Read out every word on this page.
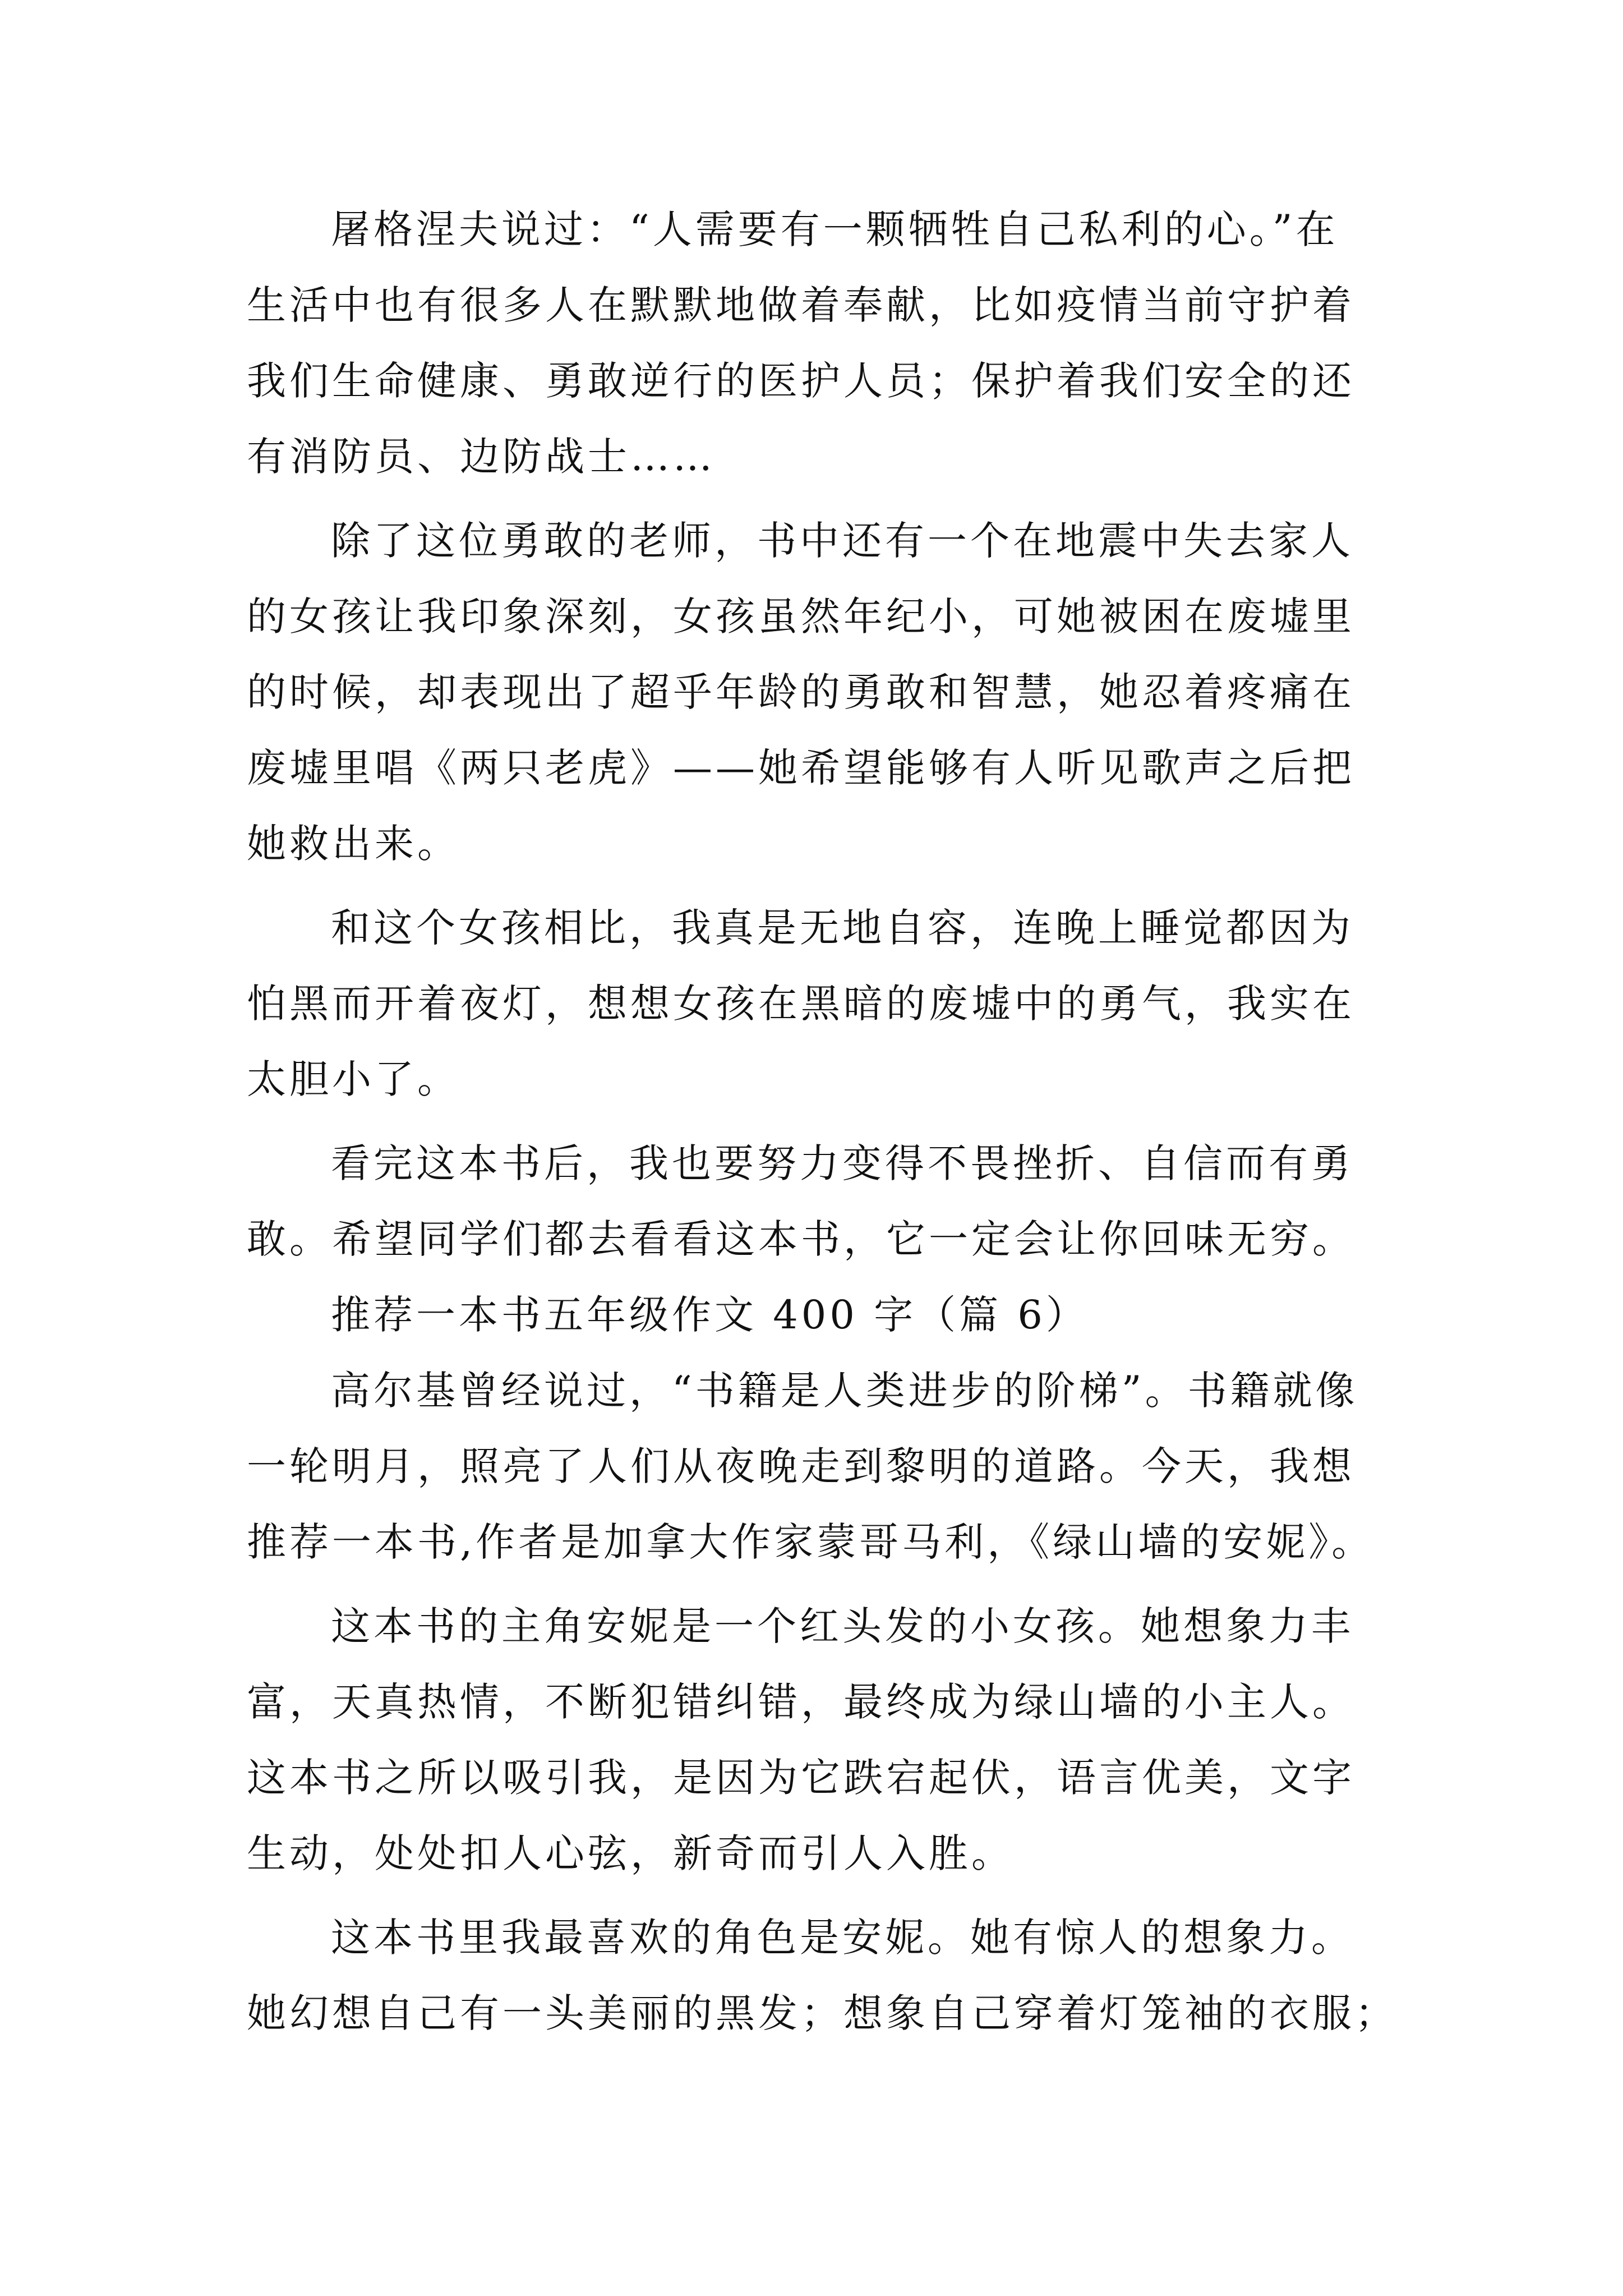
屠格涅夫说过：“人需要有一颗牺牲自己私利的心。”在
生活中也有很多人在默默地做着奉献，比如疫情当前守护着
我们生命健康、勇敢逆行的医护人员；保护着我们安全的还
有消防员、边防战士……
除了这位勇敢的老师，书中还有一个在地震中失去家人
的女孩让我印象深刻，女孩虽然年纪小，可她被困在废墟里
的时候，却表现出了超乎年龄的勇敢和智慧，她忍着疼痛在
废墟里唱《两只老虎》——她希望能够有人听见歌声之后把
她救出来。
和这个女孩相比，我真是无地自容，连晚上睡觉都因为
怕黑而开着夜灯，想想女孩在黑暗的废墟中的勇气，我实在
太胆小了。
看完这本书后，我也要努力变得不畏挫折、自信而有勇
敢。希望同学们都去看看这本书，它一定会让你回味无穷。
推荐一本书五年级作文 400 字（篇 6）
高尔基曾经说过，“书籍是人类进步的阶梯”。书籍就像
一轮明月，照亮了人们从夜晚走到黎明的道路。今天，我想
推荐一本书,作者是加拿大作家蒙哥马利，《绿山墙的安妮》。
这本书的主角安妮是一个红头发的小女孩。她想象力丰
富，天真热情，不断犯错纠错，最终成为绿山墙的小主人。
这本书之所以吸引我，是因为它跌宕起伏，语言优美，文字
生动，处处扣人心弦，新奇而引人入胜。
这本书里我最喜欢的角色是安妮。她有惊人的想象力。
她幻想自己有一头美丽的黑发；想象自己穿着灯笼袖的衣服；
